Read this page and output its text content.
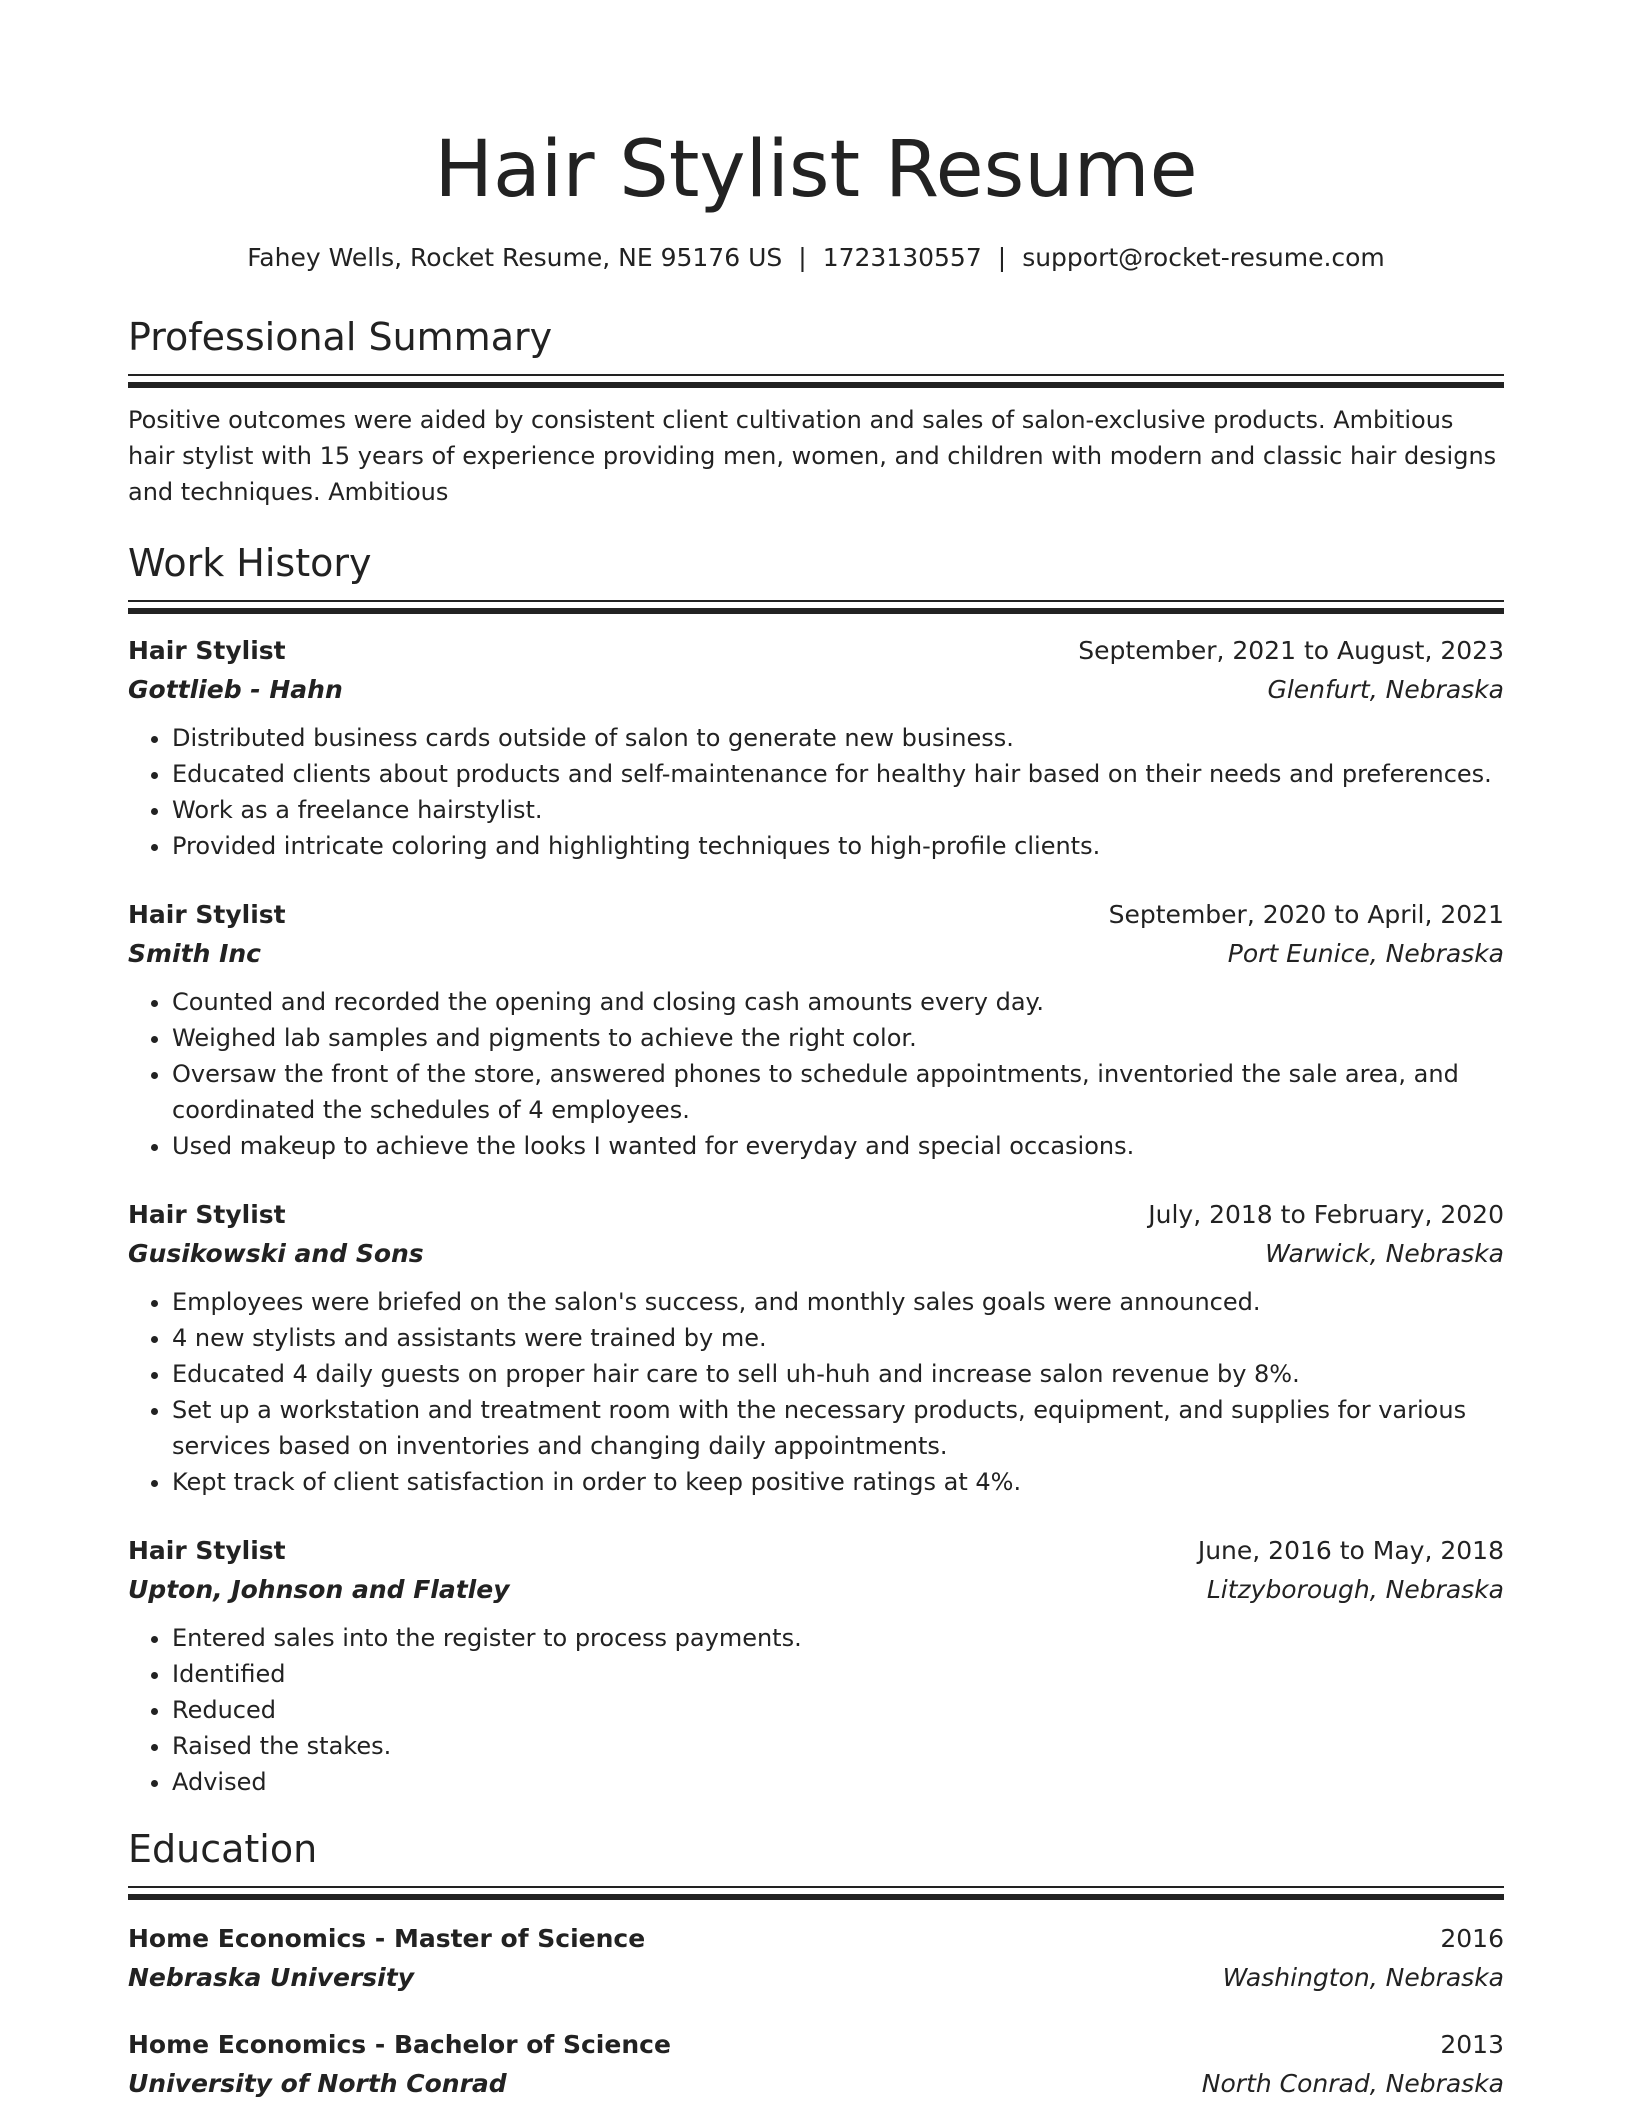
Hair Stylist Resume
Fahey Wells, Rocket Resume, NE 95176 US | 1723130557 | support@rocket-resume.com
Professional Summary

Positive outcomes were aided by consistent client cultivation and sales of salon-exclusive products. Ambitious hair stylist with 15 years of experience providing men, women, and children with modern and classic hair designs and techniques. Ambitious

Work History
Hair Stylist	September, 2021 to August, 2023
Gottlieb - Hahn	Glenfurt, Nebraska
• Distributed business cards outside of salon to generate new business.
• Educated clients about products and self-maintenance for healthy hair based on their needs and preferences.
• Work as a freelance hairstylist.
• Provided intricate coloring and highlighting techniques to high-profile clients.
Hair Stylist	September, 2020 to April, 2021
Smith Inc	Port Eunice, Nebraska
• Counted and recorded the opening and closing cash amounts every day.
• Weighed lab samples and pigments to achieve the right color.
• Oversaw the front of the store, answered phones to schedule appointments, inventoried the sale area, and coordinated the schedules of 4 employees.
• Used makeup to achieve the looks I wanted for everyday and special occasions.
Hair Stylist	July, 2018 to February, 2020
Gusikowski and Sons	Warwick, Nebraska
• Employees were briefed on the salon's success, and monthly sales goals were announced.
• 4 new stylists and assistants were trained by me.
• Educated 4 daily guests on proper hair care to sell uh-huh and increase salon revenue by 8%.
• Set up a workstation and treatment room with the necessary products, equipment, and supplies for various services based on inventories and changing daily appointments.
• Kept track of client satisfaction in order to keep positive ratings at 4%.
Hair Stylist	June, 2016 to May, 2018
Upton, Johnson and Flatley	Litzyborough, Nebraska
• Entered sales into the register to process payments.
• Identified
• Reduced
• Raised the stakes.
• Advised
Education
Home Economics - Master of Science	2016
Nebraska University	Washington, Nebraska
Home Economics - Bachelor of Science	2013
University of North Conrad	North Conrad, Nebraska
